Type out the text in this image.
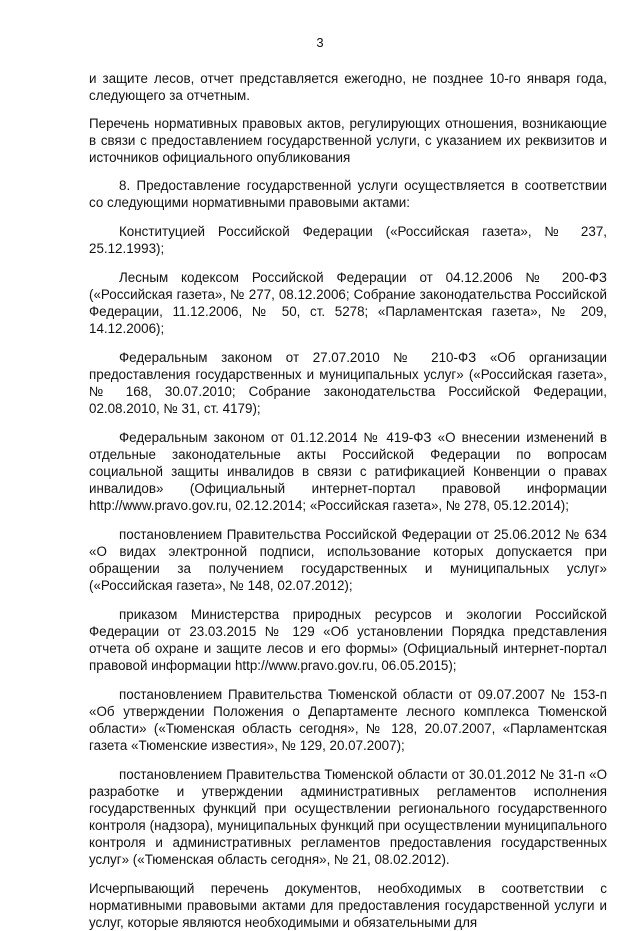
3

и защите лесов, отчет представляется ежегодно, не позднее 10-го января года, следующего за отчетным.

Перечень нормативных правовых актов, регулирующих отношения, возникающие в связи с предоставлением государственной услуги, с указанием их реквизитов и источников официального опубликования

8. Предоставление государственной услуги осуществляется в соответствии со следующими нормативными правовыми актами:

Конституцией Российской Федерации («Российская газета», № 237, 25.12.1993);

Лесным кодексом Российской Федерации от 04.12.2006 № 200-ФЗ («Российская газета», № 277, 08.12.2006; Собрание законодательства Российской Федерации, 11.12.2006, № 50, ст. 5278; «Парламентская газета», № 209, 14.12.2006);

Федеральным законом от 27.07.2010 № 210-ФЗ «Об организации предоставления государственных и муниципальных услуг» («Российская газета», № 168, 30.07.2010; Собрание законодательства Российской Федерации, 02.08.2010, № 31, ст. 4179);

Федеральным законом от 01.12.2014 № 419-ФЗ «О внесении изменений в отдельные законодательные акты Российской Федерации по вопросам социальной защиты инвалидов в связи с ратификацией Конвенции о правах инвалидов» (Официальный интернет-портал правовой информации http://www.pravo.gov.ru, 02.12.2014; «Российская газета», № 278, 05.12.2014);

постановлением Правительства Российской Федерации от 25.06.2012 № 634 «О видах электронной подписи, использование которых допускается при обращении за получением государственных и муниципальных услуг» («Российская газета», № 148, 02.07.2012);

приказом Министерства природных ресурсов и экологии Российской Федерации от 23.03.2015 № 129 «Об установлении Порядка представления отчета об охране и защите лесов и его формы» (Официальный интернет-портал правовой информации http://www.pravo.gov.ru, 06.05.2015);

постановлением Правительства Тюменской области от 09.07.2007 № 153-п «Об утверждении Положения о Департаменте лесного комплекса Тюменской области» («Тюменская область сегодня», № 128, 20.07.2007, «Парламентская газета «Тюменские известия», № 129, 20.07.2007);

постановлением Правительства Тюменской области от 30.01.2012 № 31-п «О разработке и утверждении административных регламентов исполнения государственных функций при осуществлении регионального государственного контроля (надзора), муниципальных функций при осуществлении муниципального контроля и административных регламентов предоставления государственных услуг» («Тюменская область сегодня», № 21, 08.02.2012).

Исчерпывающий перечень документов, необходимых в соответствии с нормативными правовыми актами для предоставления государственной услуги и услуг, которые являются необходимыми и обязательными для
